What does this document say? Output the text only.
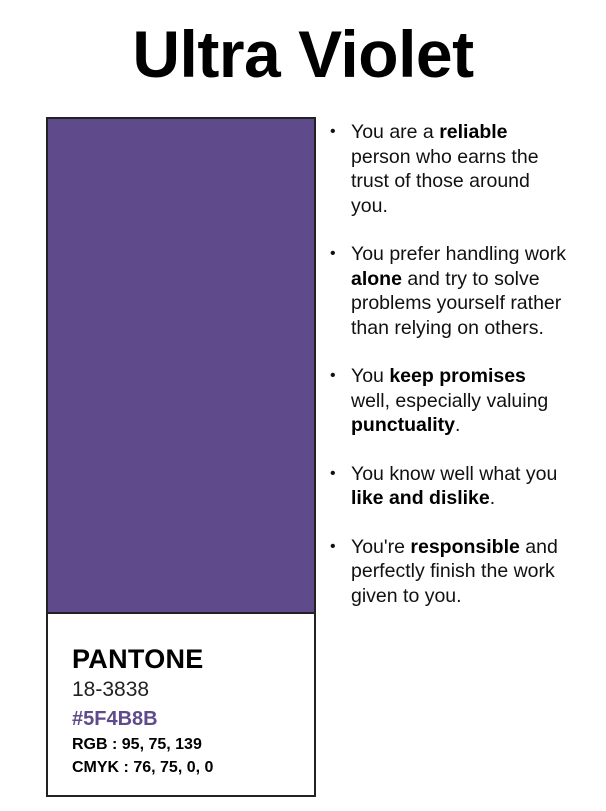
Ultra Violet
PANTONE
18-3838
#5F4B8B
RGB : 95, 75, 139
CMYK : 76, 75, 0, 0
• You are a reliable person who earns the trust of those around you.
• You prefer handling work alone and try to solve problems yourself rather than relying on others.
• You keep promises well, especially valuing punctuality.
• You know well what you like and dislike.
• You're responsible and perfectly finish the work given to you.
